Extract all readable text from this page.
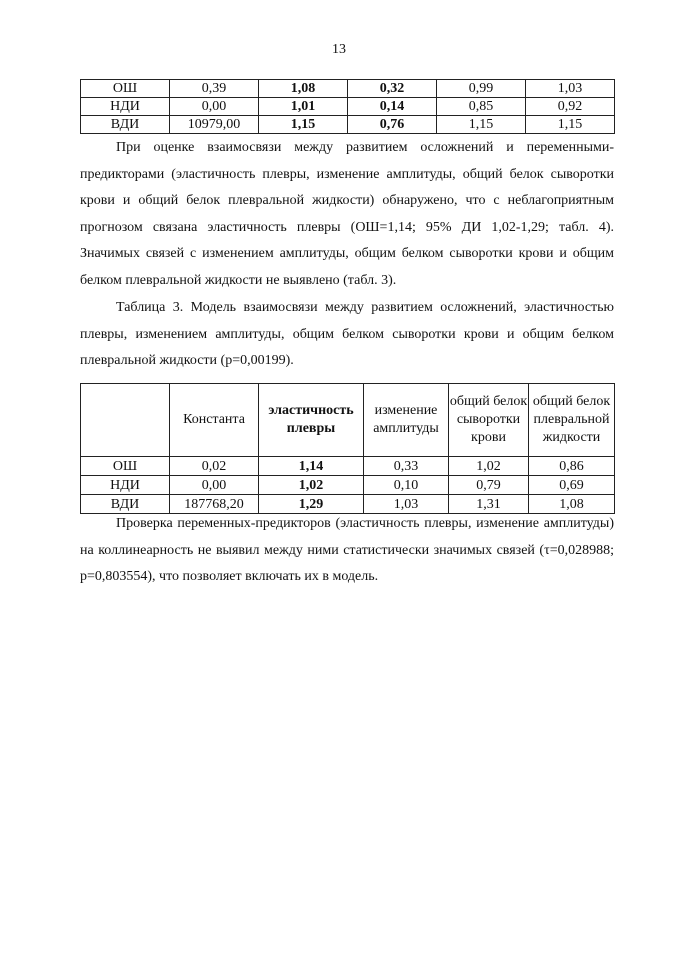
13
ОШ	0,39	1,08	0,32	0,99	1,03
НДИ	0,00	1,01	0,14	0,85	0,92
ВДИ	10979,00	1,15	0,76	1,15	1,15

При оценке взаимосвязи между развитием осложнений и переменными-предикторами (эластичность плевры, изменение амплитуды, общий белок сыворотки крови и общий белок плевральной жидкости) обнаружено, что с неблагоприятным прогнозом связана эластичность плевры (ОШ=1,14; 95% ДИ 1,02-1,29; табл. 4). Значимых связей с изменением амплитуды, общим белком сыворотки крови и общим белком плевральной жидкости не выявлено (табл. 3).

Таблица 3. Модель взаимосвязи между развитием осложнений, эластичностью плевры, изменением амплитуды, общим белком сыворотки крови и общим белком плевральной жидкости (p=0,00199).

	Константа	эластичность плевры	изменение амплитуды	общий белок сыворотки крови	общий белок плевральной жидкости
ОШ	0,02	1,14	0,33	1,02	0,86
НДИ	0,00	1,02	0,10	0,79	0,69
ВДИ	187768,20	1,29	1,03	1,31	1,08

Проверка переменных-предикторов (эластичность плевры, изменение амплитуды) на коллинеарность не выявил между ними статистически значимых связей (τ=0,028988; p=0,803554), что позволяет включать их в модель.
